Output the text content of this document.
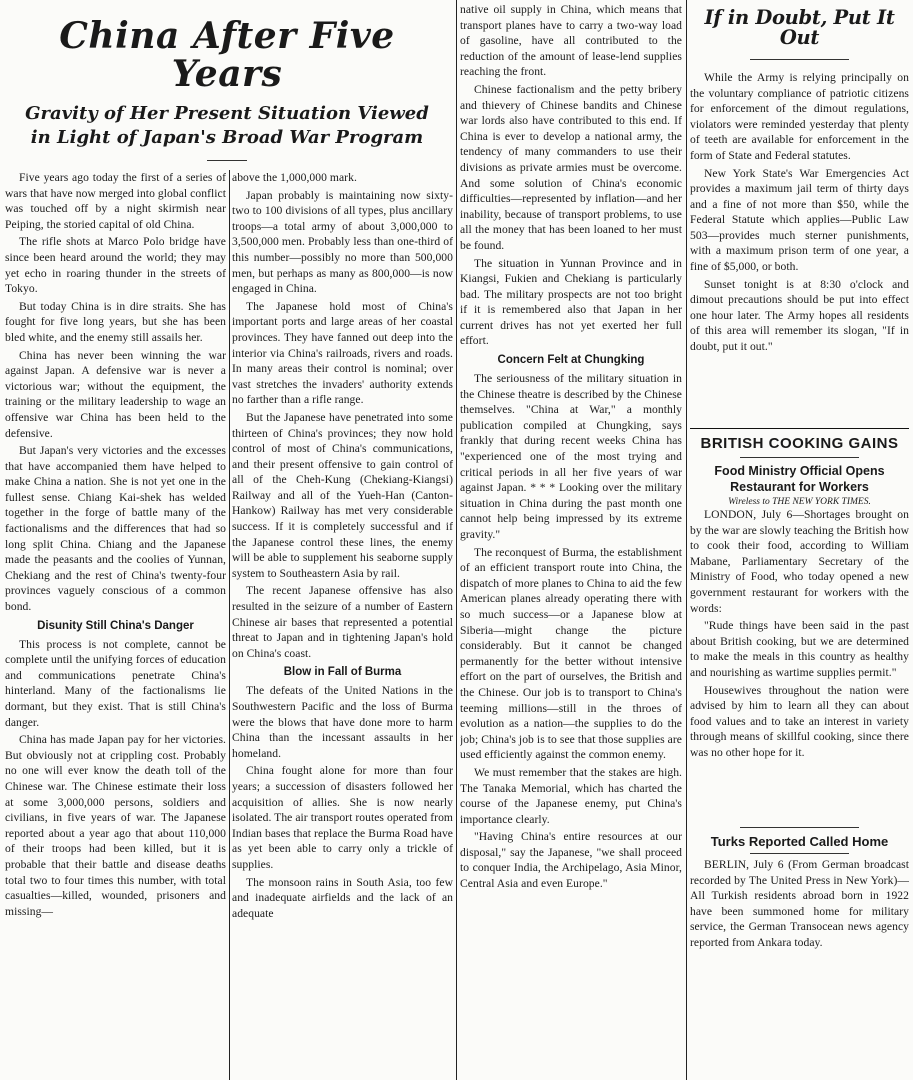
China After Five Years
Gravity of Her Present Situation Viewed
in Light of Japan's Broad War Program

Five years ago today the first of a series of wars that have now merged into global conflict was touched off by a night skirmish near Peiping, the storied capital of old China.

The rifle shots at Marco Polo bridge have since been heard around the world; they may yet echo in roaring thunder in the streets of Tokyo.

But today China is in dire straits. She has fought for five long years, but she has been bled white, and the enemy still assails her.

China has never been winning the war against Japan. A defensive war is never a victorious war; without the equipment, the training or the military leadership to wage an offensive war China has been held to the defensive.

But Japan's very victories and the excesses that have accompanied them have helped to make China a nation. She is not yet one in the fullest sense. Chiang Kai-shek has welded together in the forge of battle many of the factionalisms and the differences that had so long split China. Chiang and the Japanese made the peasants and the coolies of Yunnan, Chekiang and the rest of China's twenty-four provinces vaguely conscious of a common bond.

Disunity Still China's Danger

This process is not complete, cannot be complete until the unifying forces of education and communications penetrate China's hinterland. Many of the factionalisms lie dormant, but they exist. That is still China's danger.

China has made Japan pay for her victories. But obviously not at crippling cost. Probably no one will ever know the death toll of the Chinese war. The Chinese estimate their loss at some 3,000,000 persons, soldiers and civilians, in five years of war. The Japanese reported about a year ago that about 110,000 of their troops had been killed, but it is probable that their battle and disease deaths total two to four times this number, with total casualties—killed, wounded, prisoners and missing—

above the 1,000,000 mark.

Japan probably is maintaining now sixty-two to 100 divisions of all types, plus ancillary troops—a total army of about 3,000,000 to 3,500,000 men. Probably less than one-third of this number—possibly no more than 500,000 men, but perhaps as many as 800,000—is now engaged in China.

The Japanese hold most of China's important ports and large areas of her coastal provinces. They have fanned out deep into the interior via China's railroads, rivers and roads. In many areas their control is nominal; over vast stretches the invaders' authority extends no farther than a rifle range.

But the Japanese have penetrated into some thirteen of China's provinces; they now hold control of most of China's communications, and their present offensive to gain control of all of the Cheh-Kung (Chekiang-Kiangsi) Railway and all of the Yueh-Han (Canton-Hankow) Railway has met very considerable success. If it is completely successful and if the Japanese control these lines, the enemy will be able to supplement his seaborne supply system to Southeastern Asia by rail.

The recent Japanese offensive has also resulted in the seizure of a number of Eastern Chinese air bases that represented a potential threat to Japan and in tightening Japan's hold on China's coast.

Blow in Fall of Burma

The defeats of the United Nations in the Southwestern Pacific and the loss of Burma were the blows that have done more to harm China than the incessant assaults in her homeland.

China fought alone for more than four years; a succession of disasters followed her acquisition of allies. She is now nearly isolated. The air transport routes operated from Indian bases that replace the Burma Road have as yet been able to carry only a trickle of supplies.

The monsoon rains in South Asia, too few and inadequate airfields and the lack of an adequate

native oil supply in China, which means that transport planes have to carry a two-way load of gasoline, have all contributed to the reduction of the amount of lease-lend supplies reaching the front.

Chinese factionalism and the petty bribery and thievery of Chinese bandits and Chinese war lords also have contributed to this end. If China is ever to develop a national army, the tendency of many commanders to use their divisions as private armies must be overcome. And some solution of China's economic difficulties—represented by inflation—and her inability, because of transport problems, to use all the money that has been loaned to her must be found.

The situation in Yunnan Province and in Kiangsi, Fukien and Chekiang is particularly bad. The military prospects are not too bright if it is remembered also that Japan in her current drives has not yet exerted her full effort.

Concern Felt at Chungking

The seriousness of the military situation in the Chinese theatre is described by the Chinese themselves. "China at War," a monthly publication compiled at Chungking, says frankly that during recent weeks China has "experienced one of the most trying and critical periods in all her five years of war against Japan. * * * Looking over the military situation in China during the past month one cannot help being impressed by its extreme gravity."

The reconquest of Burma, the establishment of an efficient transport route into China, the dispatch of more planes to China to aid the few American planes already operating there with so much success—or a Japanese blow at Siberia—might change the picture considerably. But it cannot be changed permanently for the better without intensive effort on the part of ourselves, the British and the Chinese. Our job is to transport to China's teeming millions—still in the throes of evolution as a nation—the supplies to do the job; China's job is to see that those supplies are used efficiently against the common enemy.

We must remember that the stakes are high. The Tanaka Memorial, which has charted the course of the Japanese enemy, put China's importance clearly.

"Having China's entire resources at our disposal," say the Japanese, "we shall proceed to conquer India, the Archipelago, Asia Minor, Central Asia and even Europe."

If in Doubt, Put It Out

While the Army is relying principally on the voluntary compliance of patriotic citizens for enforcement of the dimout regulations, violators were reminded yesterday that plenty of teeth are available for enforcement in the form of State and Federal statutes.

New York State's War Emergencies Act provides a maximum jail term of thirty days and a fine of not more than $50, while the Federal Statute which applies—Public Law 503—provides much sterner punishments, with a maximum prison term of one year, a fine of $5,000, or both.

Sunset tonight is at 8:30 o'clock and dimout precautions should be put into effect one hour later. The Army hopes all residents of this area will remember its slogan, "If in doubt, put it out."

BRITISH COOKING GAINS
Food Ministry Official Opens
Restaurant for Workers
Wireless to THE NEW YORK TIMES.

LONDON, July 6—Shortages brought on by the war are slowly teaching the British how to cook their food, according to William Mabane, Parliamentary Secretary of the Ministry of Food, who today opened a new government restaurant for workers with the words:

"Rude things have been said in the past about British cooking, but we are determined to make the meals in this country as healthy and nourishing as wartime supplies permit."

Housewives throughout the nation were advised by him to learn all they can about food values and to take an interest in variety through means of skillful cooking, since there was no other hope for it.

Turks Reported Called Home

BERLIN, July 6 (From German broadcast recorded by The United Press in New York)—All Turkish residents abroad born in 1922 have been summoned home for military service, the German Transocean news agency reported from Ankara today.
